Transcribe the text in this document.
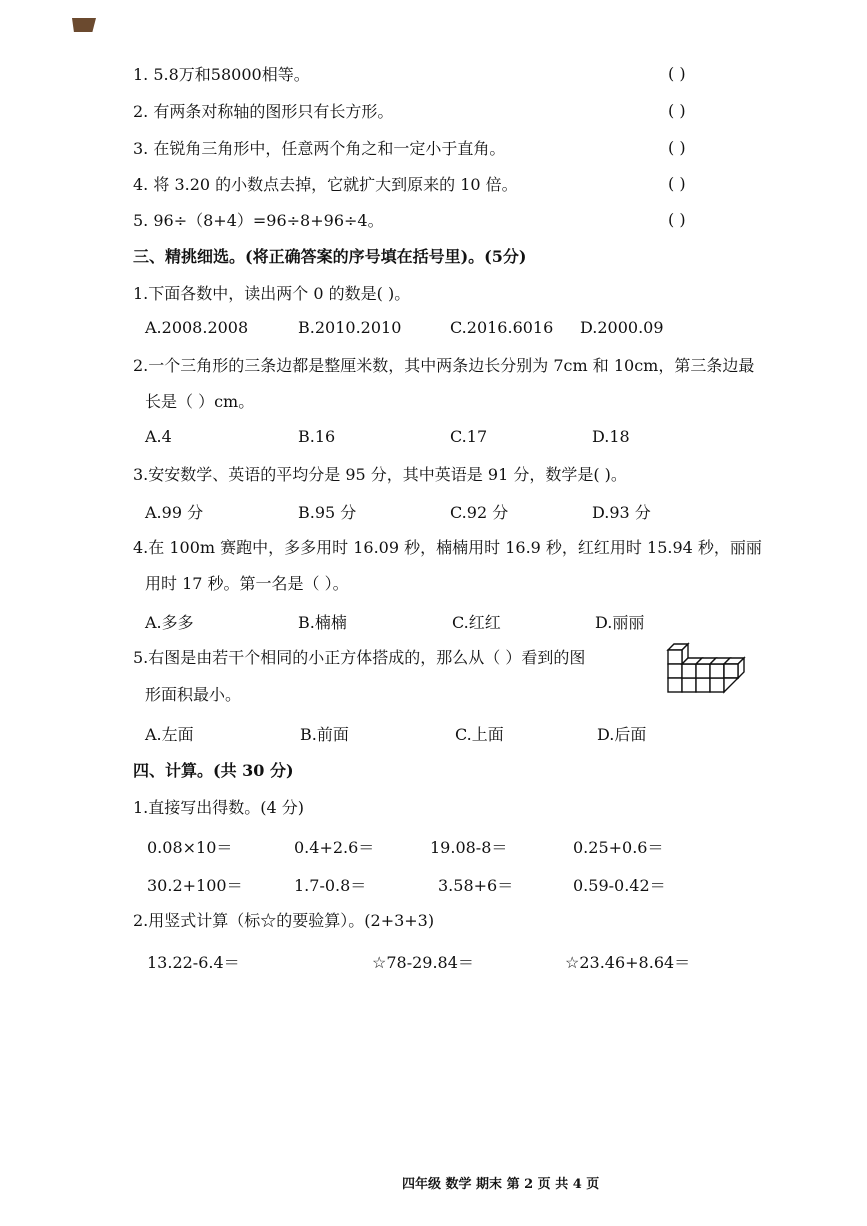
1. 5.8万和58000相等。	( )
2. 有两条对称轴的图形只有长方形。	( )
3. 在锐角三角形中，任意两个角之和一定小于直角。	( )
4. 将 3.20 的小数点去掉，它就扩大到原来的 10 倍。	( )
5. 96÷（8+4）=96÷8+96÷4。	( )
三、精挑细选。(将正确答案的序号填在括号里)。(5分)
1.下面各数中，读出两个 0 的数是( )。
A.2008.2008	B.2010.2010	C.2016.6016 D.2000.09
2.一个三角形的三条边都是整厘米数，其中两条边长分别为 7cm 和 10cm，第三条边最
长是（ ）cm。
A.4	B.16	C.17	D.18
3.安安数学、英语的平均分是 95 分，其中英语是 91 分，数学是( )。
A.99 分	B.95 分	C.92 分	D.93 分
4.在 100m 赛跑中，多多用时 16.09 秒，楠楠用时 16.9 秒，红红用时 15.94 秒，丽丽
用时 17 秒。第一名是（ ）。
A.多多	B.楠楠	C.红红	D.丽丽
5.右图是由若干个相同的小正方体搭成的，那么从（ ）看到的图
形面积最小。
A.左面	B.前面	C.上面	D.后面
四、计算。(共 30 分)
1.直接写出得数。(4 分)
0.08×10＝	0.4+2.6＝	19.08-8＝	0.25+0.6＝
30.2+100＝	1.7-0.8＝	3.58+6＝	0.59-0.42＝
2.用竖式计算（标☆的要验算）。(2+3+3)
13.22-6.4＝	☆78-29.84＝	☆23.46+8.64＝
四年级 数学 期末 第 2 页 共 4 页
